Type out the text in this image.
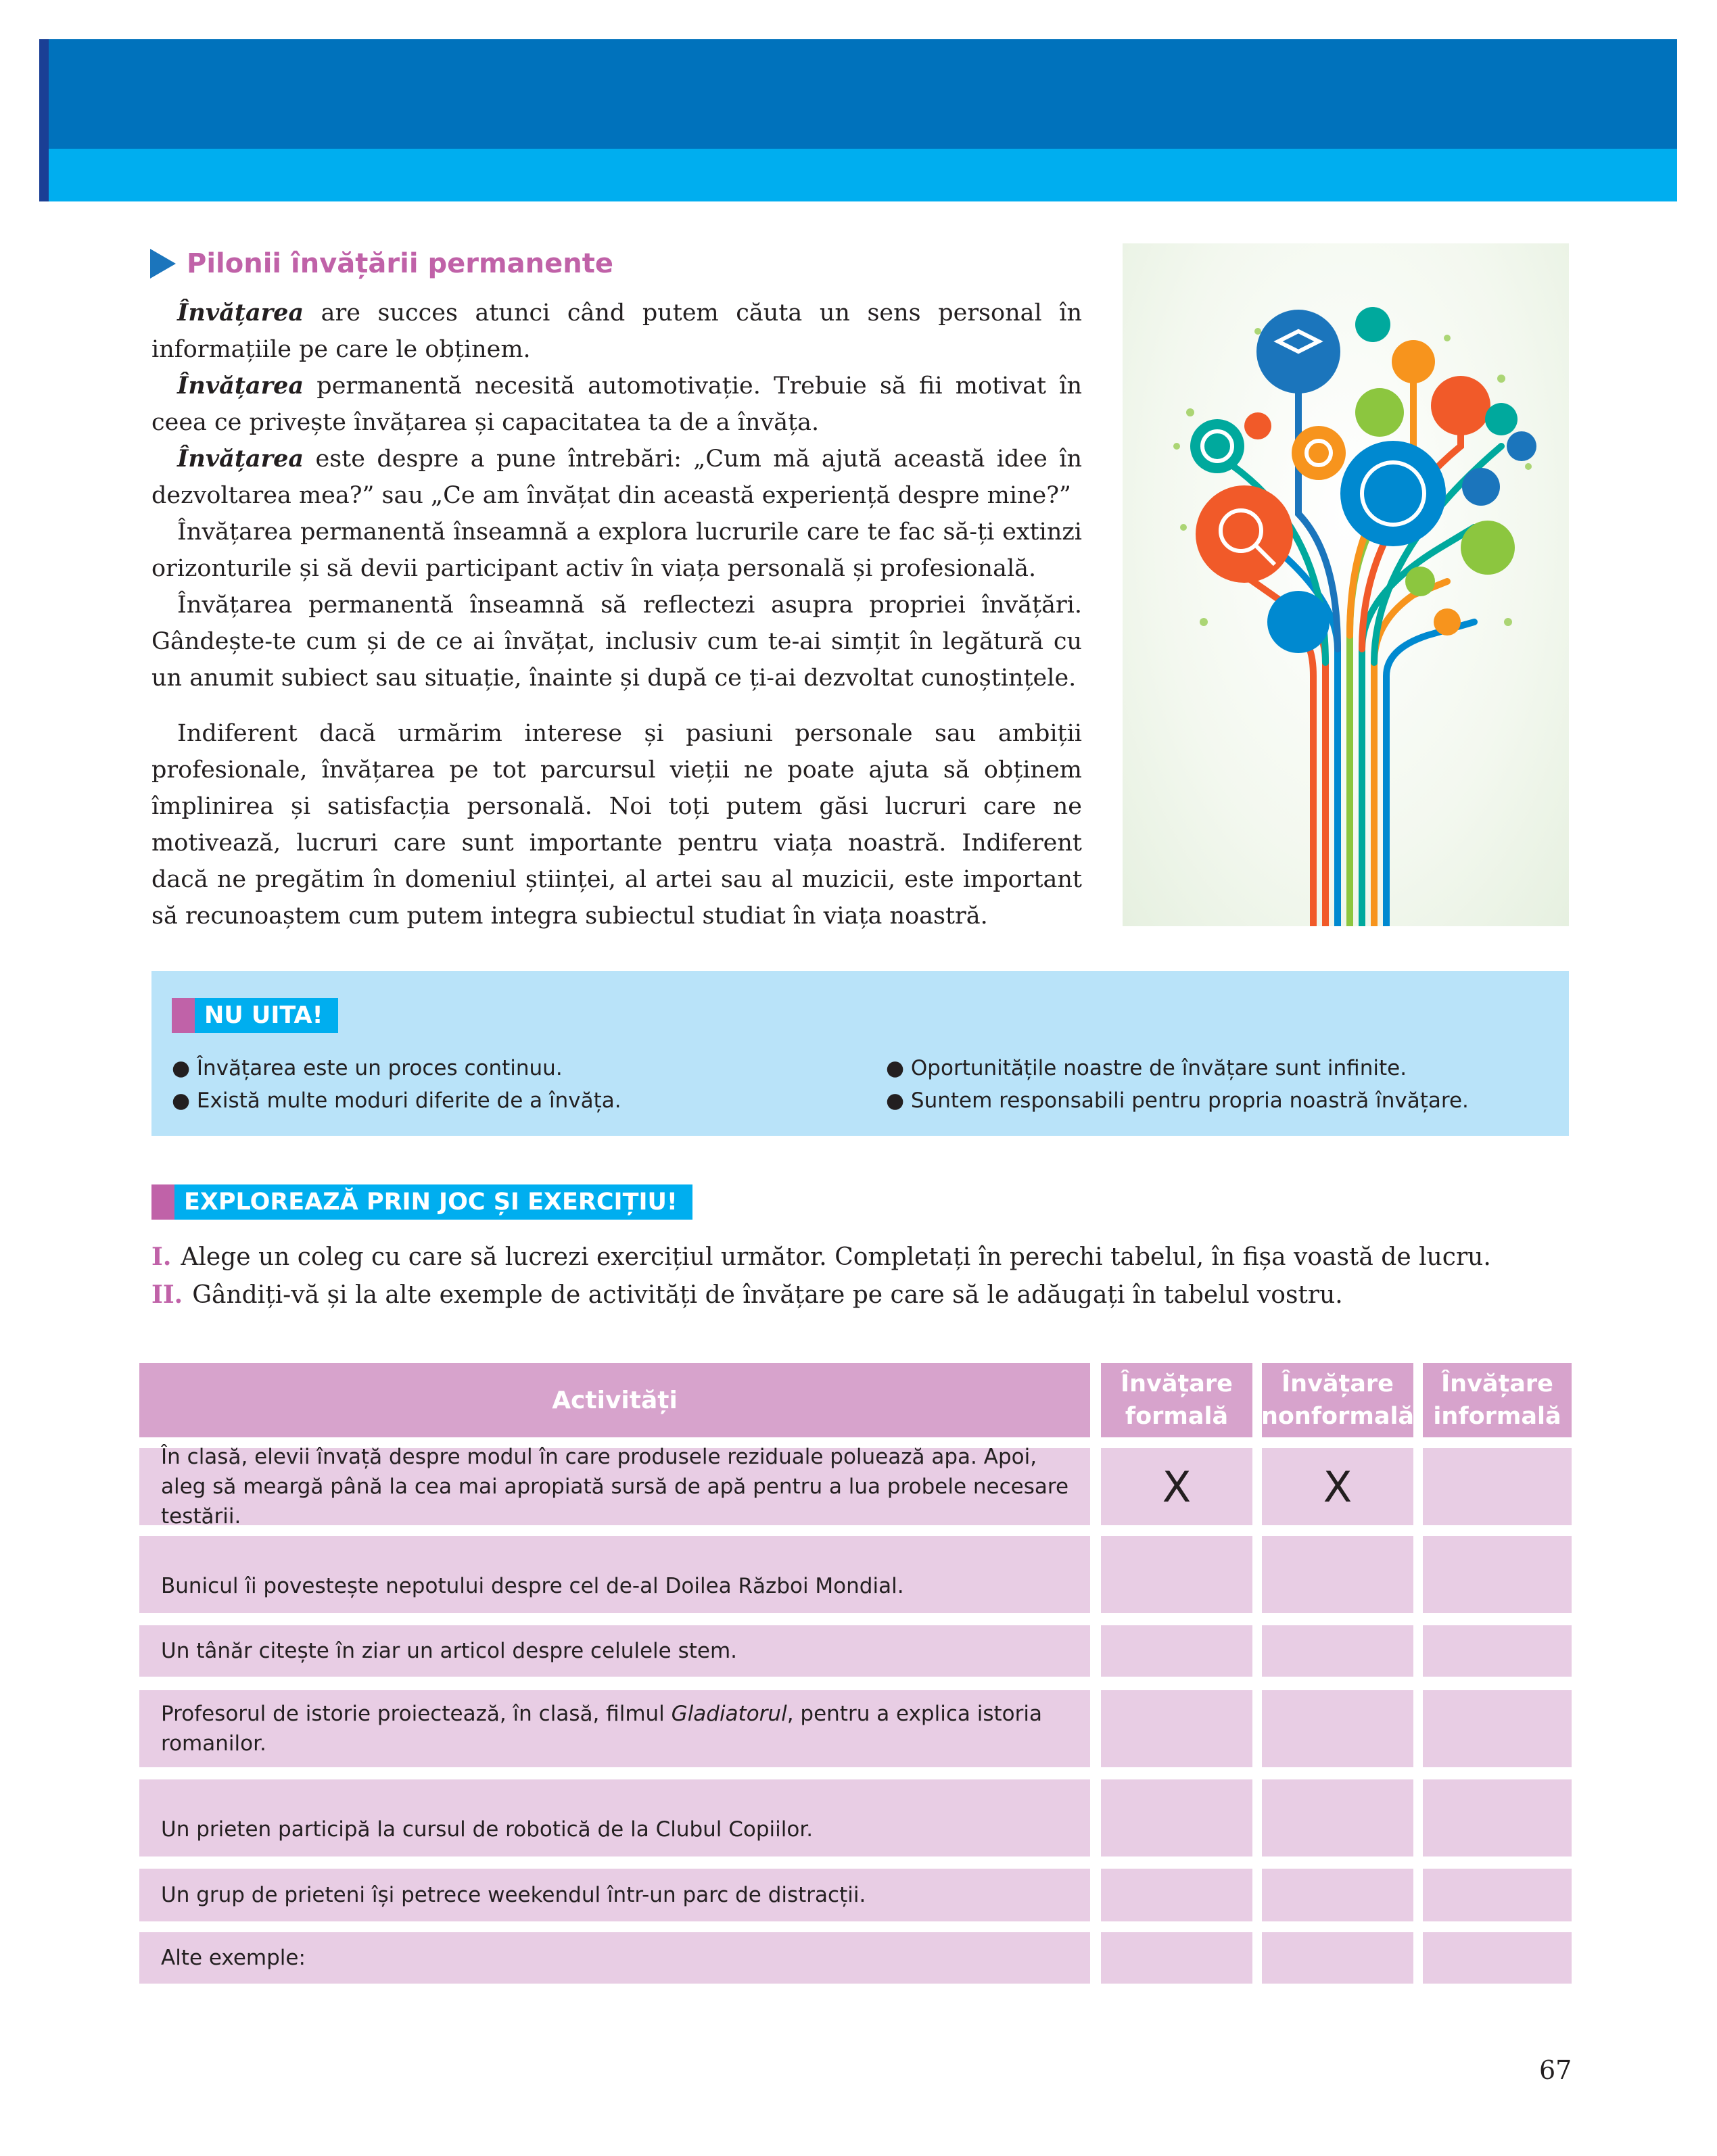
Pilonii învățării permanente

Învățarea are succes atunci când putem căuta un sens personal în informațiile pe care le obținem.

Învățarea permanentă necesită automotivație. Trebuie să fii motivat în ceea ce privește învățarea și capacitatea ta de a învăța.

Învățarea este despre a pune întrebări: „Cum mă ajută această idee în dezvoltarea mea?” sau „Ce am învățat din această experiență despre mine?”

Învățarea permanentă înseamnă a explora lucrurile care te fac să-ți extinzi orizonturile și să devii participant activ în viața personală și profesională.

Învățarea permanentă înseamnă să reflectezi asupra propriei învățări. Gândește-te cum și de ce ai învățat, inclusiv cum te-ai simțit în legătură cu un anumit subiect sau situație, înainte și după ce ți-ai dezvoltat cunoștințele.

Indiferent dacă urmărim interese și pasiuni personale sau ambiții profesionale, învățarea pe tot parcursul vieții ne poate ajuta să obținem împlinirea și satisfacția personală. Noi toți putem găsi lucruri care ne motivează, lucruri care sunt importante pentru viața noastră. Indiferent dacă ne pregătim în domeniul științei, al artei sau al muzicii, este important să recunoaștem cum putem integra subiectul studiat în viața noastră.

NU UITA!
● Învățarea este un proces continuu.
● Există multe moduri diferite de a învăța.
● Oportunitățile noastre de învățare sunt infinite.
● Suntem responsabili pentru propria noastră învățare.
EXPLOREAZĂ PRIN JOC ȘI EXERCIȚIU!
I. Alege un coleg cu care să lucrezi exercițiul următor. Completați în perechi tabelul, în fișa voastă de lucru.
II. Gândiți-vă și la alte exemple de activități de învățare pe care să le adăugați în tabelul vostru.
Activități
Învățare formală
Învățare nonformală
Învățare informală
În clasă, elevii învață despre modul în care produsele reziduale poluează apa. Apoi, aleg să meargă până la cea mai apropiată sursă de apă pentru a lua probele necesare testării.
X	X
Bunicul îi povestește nepotului despre cel de-al Doilea Război Mondial.
Un tânăr citește în ziar un articol despre celulele stem.
Profesorul de istorie proiectează, în clasă, filmul Gladiatorul, pentru a explica istoria romanilor.
Un prieten participă la cursul de robotică de la Clubul Copiilor.
Un grup de prieteni își petrece weekendul într-un parc de distracții.
Alte exemple:
67
